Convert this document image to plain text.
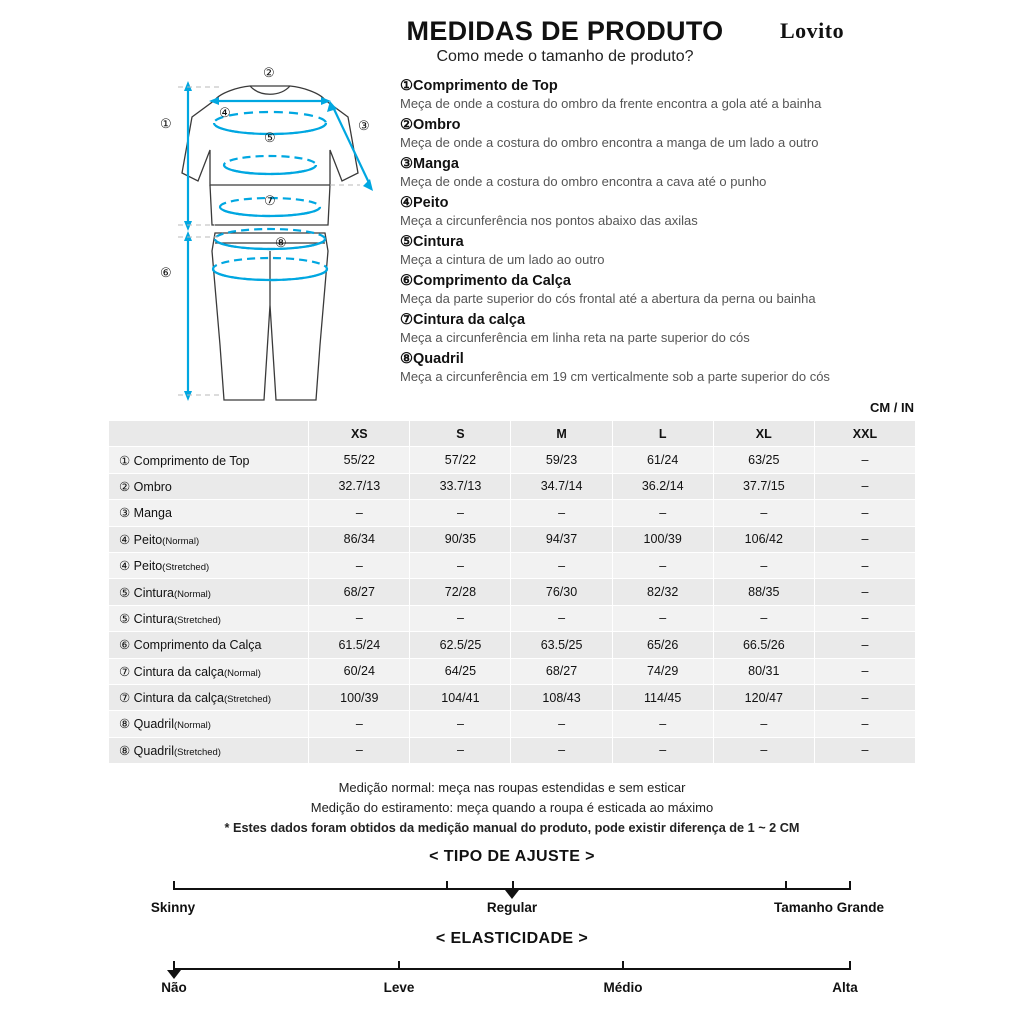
MEDIDAS DE PRODUTO
Como mede o tamanho de produto?
Lovito
①
②
③
④
⑤
⑥
⑦
⑧

①Comprimento de Top

Meça de onde a costura do ombro da frente encontra a gola até a bainha

②Ombro

Meça de onde a costura do ombro encontra a manga de um lado a outro

③Manga

Meça de onde a costura do ombro encontra a cava até o punho

④Peito

Meça a circunferência nos pontos abaixo das axilas

⑤Cintura

Meça a cintura de um lado ao outro

⑥Comprimento da Calça

Meça da parte superior do cós frontal até a abertura da perna ou bainha

⑦Cintura da calça

Meça a circunferência em linha reta na parte superior do cós

⑧Quadril

Meça a circunferência em 19 cm verticalmente sob a parte superior do cós

CM / IN
	XS	S	M	L	XL	XXL
① Comprimento de Top	55/22	57/22	59/23	61/24	63/25	–
② Ombro	32.7/13	33.7/13	34.7/14	36.2/14	37.7/15	–
③ Manga	–	–	–	–	–	–
④ Peito(Normal)	86/34	90/35	94/37	100/39	106/42	–
④ Peito(Stretched)	–	–	–	–	–	–
⑤ Cintura(Normal)	68/27	72/28	76/30	82/32	88/35	–
⑤ Cintura(Stretched)	–	–	–	–	–	–
⑥ Comprimento da Calça	61.5/24	62.5/25	63.5/25	65/26	66.5/26	–
⑦ Cintura da calça(Normal)	60/24	64/25	68/27	74/29	80/31	–
⑦ Cintura da calça(Stretched)	100/39	104/41	108/43	114/45	120/47	–
⑧ Quadril(Normal)	–	–	–	–	–	–
⑧ Quadril(Stretched)	–	–	–	–	–	–
Medição normal: meça nas roupas estendidas e sem esticar
Medição do estiramento: meça quando a roupa é esticada ao máximo
* Estes dados foram obtidos da medição manual do produto, pode existir diferença de 1 ~ 2 CM
< TIPO DE AJUSTE >
Skinny	Regular	Tamanho Grande
< ELASTICIDADE >
Não	Leve	Médio	Alta
